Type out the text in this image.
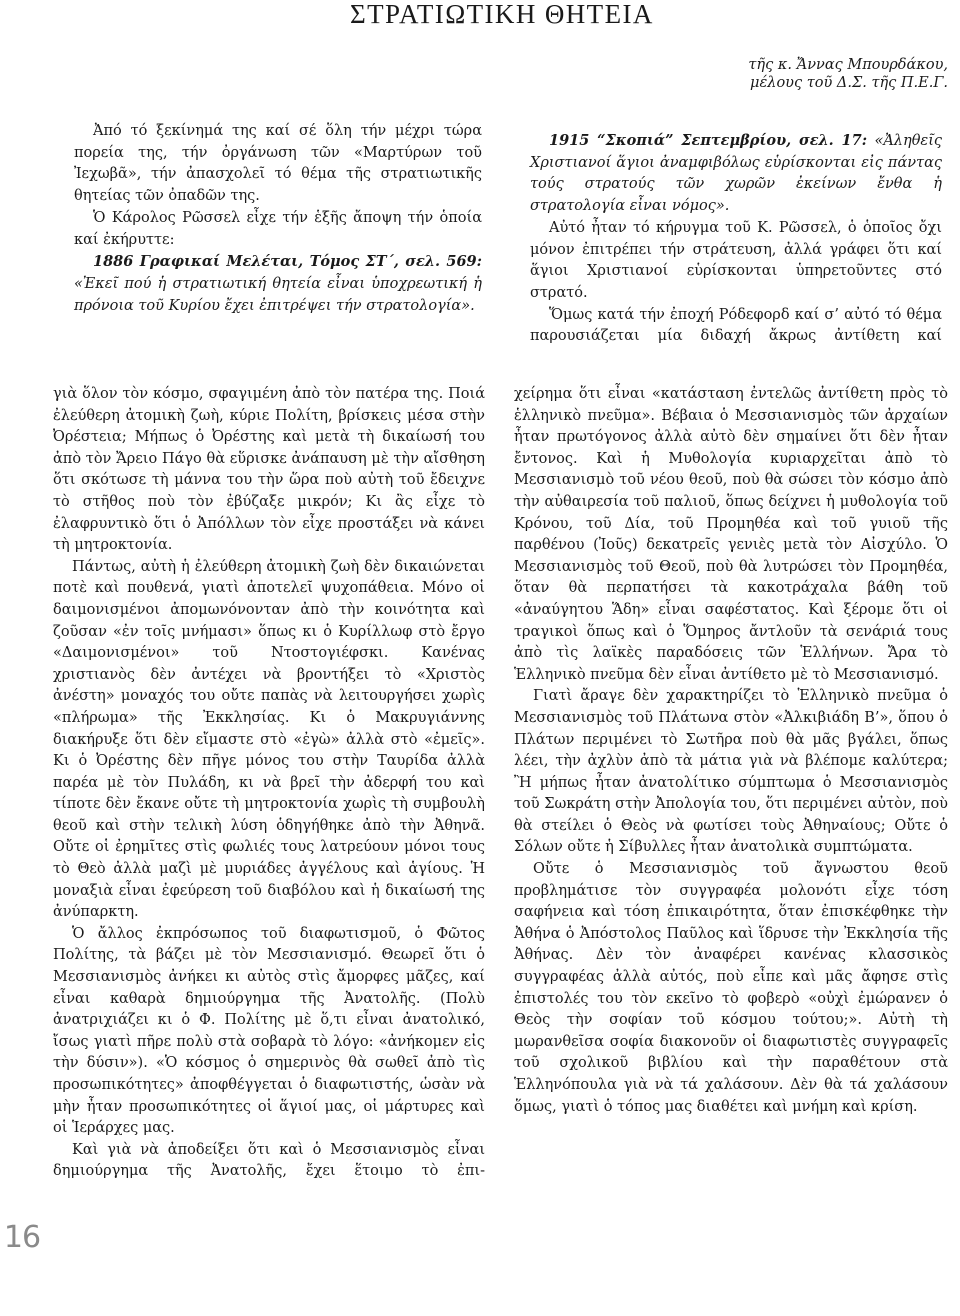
ΣΤΡΑΤΙΩΤΙΚΗ ΘΗΤΕΙΑ
τῆς κ. Ἄννας Μπουρδάκου,
μέλους τοῦ Δ.Σ. τῆς Π.Ε.Γ.

Ἀπό τό ξεκίνημά της καί σέ ὅλη τήν μέχρι τώρα πορεία της, τήν ὀργάνωση τῶν «Μαρτύρων τοῦ Ἰεχωβᾶ», τήν ἀπασχολεῖ τό θέμα τῆς στρατιωτικῆς θητείας τῶν ὀπαδῶν της.

Ὁ Κάρολος Ρῶσσελ εἶχε τήν ἑξῆς ἄποψη τήν ὁποία καί ἐκήρυττε:

1886 Γραφικαί Μελέται, Τόμος ΣΤ΄, σελ. 569: «Ἐκεῖ πού ἡ στρατιωτική θητεία εἶναι ὑποχρεωτική ἡ πρόνοια τοῦ Κυρίου ἔχει ἐπιτρέψει τήν στρατολογία».

1915 “Σκοπιά” Σεπτεμβρίου, σελ. 17: «Ἀληθεῖς Χριστιανοί ἅγιοι ἀναμφιβόλως εὑρίσκονται εἰς πάντας τούς στρατούς τῶν χωρῶν ἐκείνων ἔνθα ἡ στρατολογία εἶναι νόμος».

Αὐτό ἦταν τό κήρυγμα τοῦ Κ. Ρῶσσελ, ὁ ὁποῖος ὄχι μόνον ἐπιτρέπει τήν στράτευση, ἀλλά γράφει ὅτι καί ἅγιοι Χριστιανοί εὑρίσκονται ὑπηρετοῦντες στό στρατό.

Ὅμως κατά τήν ἐποχή Ρόδεφορδ καί σ’ αὐτό τό θέμα παρουσιάζεται μία διδαχή ἄκρως ἀντίθετη καί

γιὰ ὅλον τὸν κόσμο, σφαγιμένη ἀπὸ τὸν πατέρα της. Ποιά ἐλεύθερη ἀτομικὴ ζωὴ, κύριε Πολίτη, βρίσκεις μέσα στὴν Ὀρέστεια; Μήπως ὁ Ὀρέστης καὶ μετὰ τὴ δικαίωσή του ἀπὸ τὸν Ἄρειο Πάγο θὰ εὕρισκε ἀνάπαυση μὲ τὴν αἴσθηση ὅτι σκότωσε τὴ μάννα του τὴν ὥρα ποὺ αὐτὴ τοῦ ἔδειχνε τὸ στῆθος ποὺ τὸν ἐβύζαξε μικρόν; Κι ἂς εἶχε τὸ ἐλαφρυντικὸ ὅτι ὁ Ἀπόλλων τὸν εἶχε προστάξει νὰ κάνει τὴ μητροκτονία.

Πάντως, αὐτὴ ἡ ἐλεύθερη ἀτομικὴ ζωὴ δὲν δικαιώνεται ποτὲ καὶ πουθενά, γιατὶ ἀποτελεῖ ψυχοπάθεια. Μόνο οἱ δαιμονισμένοι ἀπομωνόνονταν ἀπὸ τὴν κοινότητα καὶ ζοῦσαν «ἐν τοῖς μνήμασι» ὅπως κι ὁ Κυρίλλωφ στὸ ἔργο «Δαιμονισμένοι» τοῦ Ντοστογιέφσκι. Κανένας χριστιανὸς δὲν ἀντέχει νὰ βροντήξει τὸ «Χριστὸς ἀνέστη» μοναχός του οὔτε παπὰς νὰ λειτουργήσει χωρὶς «πλήρωμα» τῆς Ἐκκλησίας. Κι ὁ Μακρυγιάννης διακήρυξε ὅτι δὲν εἴμαστε στὸ «ἐγὼ» ἀλλὰ στὸ «ἐμεῖς». Κι ὁ Ὀρέστης δὲν πῆγε μόνος του στὴν Ταυρίδα ἀλλὰ παρέα μὲ τὸν Πυλάδη, κι νὰ βρεῖ τὴν ἀδερφή του καὶ τίποτε δὲν ἔκανε οὔτε τὴ μητροκτονία χωρὶς τὴ συμβουλὴ θεοῦ καὶ στὴν τελικὴ λύση ὁδηγήθηκε ἀπὸ τὴν Ἀθηνᾶ. Οὔτε οἱ ἐρημῖτες στὶς φωλιές τους λατρεύουν μόνοι τους τὸ Θεὸ ἀλλὰ μαζὶ μὲ μυριάδες ἀγγέλους καὶ ἁγίους. Ἡ μοναξιὰ εἶναι ἐφεύρεση τοῦ διαβόλου καὶ ἡ δικαίωσή της ἀνύπαρκτη.

Ὁ ἄλλος ἐκπρόσωπος τοῦ διαφωτισμοῦ, ὁ Φῶτος Πολίτης, τὰ βάζει μὲ τὸν Μεσσιανισμό. Θεωρεῖ ὅτι ὁ Μεσσιανισμὸς ἀνήκει κι αὐτὸς στὶς ἄμορφες μᾶζες, καί εἶναι καθαρὰ δημιούργημα τῆς Ἀνατολῆς. (Πολὺ ἀνατριχιάζει κι ὁ Φ. Πολίτης μὲ ὅ,τι εἶναι ἀνατολικό, ἴσως γιατὶ πῆρε πολὺ στὰ σοβαρὰ τὸ λόγο: «ἀνήκομεν εἰς τὴν δύσιν»). «Ὁ κόσμος ὁ σημερινὸς θὰ σωθεῖ ἀπὸ τὶς προσωπικότητες» ἀποφθέγγεται ὁ διαφωτιστής, ὡσὰν νὰ μὴν ἦταν προσωπικότητες οἱ ἅγιοί μας, οἱ μάρτυρες καὶ οἱ Ἱεράρχες μας.

Καὶ γιὰ νὰ ἀποδείξει ὅτι καὶ ὁ Μεσσιανισμὸς εἶναι δημιούργημα τῆς Ἀνατολῆς, ἔχει ἕτοιμο τὸ ἐπι-

χείρημα ὅτι εἶναι «κατάσταση ἐντελῶς ἀντίθετη πρὸς τὸ ἑλληνικὸ πνεῦμα». Βέβαια ὁ Μεσσιανισμὸς τῶν ἀρχαίων ἦταν πρωτόγονος ἀλλὰ αὐτὸ δὲν σημαίνει ὅτι δὲν ἦταν ἔντονος. Καὶ ἡ Μυθολογία κυριαρχεῖται ἀπὸ τὸ Μεσσιανισμὸ τοῦ νέου θεοῦ, ποὺ θὰ σώσει τὸν κόσμο ἀπὸ τὴν αὐθαιρεσία τοῦ παλιοῦ, ὅπως δείχνει ἡ μυθολογία τοῦ Κρόνου, τοῦ Δία, τοῦ Προμηθέα καὶ τοῦ γυιοῦ τῆς παρθένου (Ἰοῦς) δεκατρεῖς γενιὲς μετὰ τὸν Αἰσχύλο. Ὁ Μεσσιανισμὸς τοῦ Θεοῦ, ποὺ θὰ λυτρώσει τὸν Προμηθέα, ὅταν θὰ περπατήσει τὰ κακοτράχαλα βάθη τοῦ «ἀναύγητου Ἅδη» εἶναι σαφέστατος. Καὶ ξέρομε ὅτι οἱ τραγικοὶ ὅπως καὶ ὁ Ὅμηρος ἄντλοῦν τὰ σενάριά τους ἀπὸ τὶς λαϊκὲς παραδόσεις τῶν Ἑλλήνων. Ἄρα τὸ Ἑλληνικὸ πνεῦμα δὲν εἶναι ἀντίθετο μὲ τὸ Μεσσιανισμό.

Γιατὶ ἄραγε δὲν χαρακτηρίζει τὸ Ἑλληνικὸ πνεῦμα ὁ Μεσσιανισμὸς τοῦ Πλάτωνα στὸν «Ἀλκιβιάδη Β’», ὅπου ὁ Πλάτων περιμένει τὸ Σωτῆρα ποὺ θὰ μᾶς βγάλει, ὅπως λέει, τὴν ἀχλὺν ἀπὸ τὰ μάτια γιὰ νὰ βλέπομε καλύτερα; Ἢ μήπως ἦταν ἀνατολίτικο σύμπτωμα ὁ Μεσσιανισμὸς τοῦ Σωκράτη στὴν Ἀπολογία του, ὅτι περιμένει αὐτὸν, ποὺ θὰ στείλει ὁ Θεὸς νὰ φωτίσει τοὺς Ἀθηναίους; Οὔτε ὁ Σόλων οὔτε ἡ Σίβυλλες ἦταν ἀνατολικὰ συμπτώματα.

Οὔτε ὁ Μεσσιανισμὸς τοῦ ἄγνωστου θεοῦ προβλημάτισε τὸν συγγραφέα μολονότι εἶχε τόση σαφήνεια καὶ τόση ἐπικαιρότητα, ὅταν ἐπισκέφθηκε τὴν Ἀθήνα ὁ Ἀπόστολος Παῦλος καὶ ἵδρυσε τὴν Ἐκκλησία τῆς Ἀθήνας. Δὲν τὸν ἀναφέρει κανένας κλασσικὸς συγγραφέας ἀλλὰ αὐτός, ποὺ εἶπε καὶ μᾶς ἄφησε στὶς ἐπιστολές του τὸν εκεῖνο τὸ φοβερὸ «οὐχὶ ἐμώρανεν ὁ Θεὸς τὴν σοφίαν τοῦ κόσμου τούτου;». Αὐτὴ τὴ μωρανθεῖσα σοφία διακονοῦν οἱ διαφωτιστὲς συγγραφεῖς τοῦ σχολικοῦ βιβλίου καὶ τὴν παραθέτουν στὰ Ἑλληνόπουλα γιὰ νὰ τά χαλάσουν. Δὲν θὰ τά χαλάσουν ὅμως, γιατὶ ὁ τόπος μας διαθέτει καὶ μνήμη καὶ κρίση.

16
